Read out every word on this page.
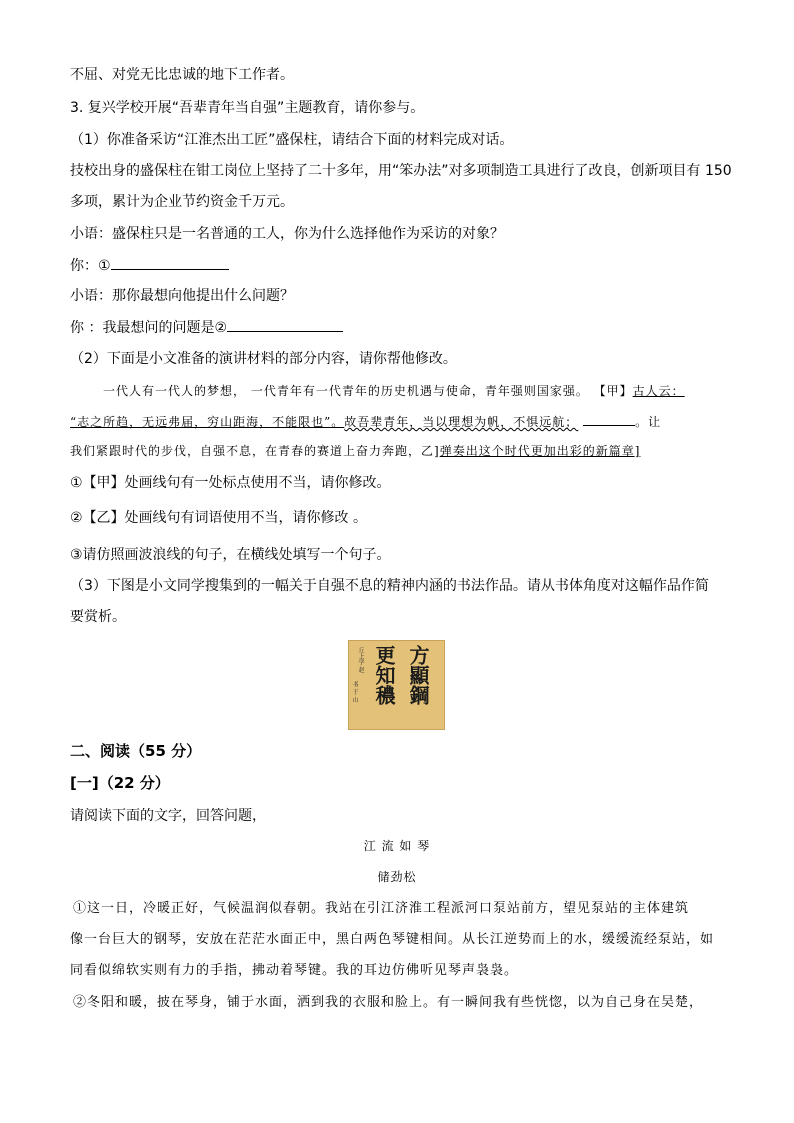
不屈、对党无比忠诚的地下工作者。
3. 复兴学校开展“吾辈青年当自强”主题教育，请你参与。
（1）你准备采访“江淮杰出工匠”盛保柱，请结合下面的材料完成对话。
技校出身的盛保柱在钳工岗位上坚持了二十多年，用“笨办法”对多项制造工具进行了改良，创新项目有 150
多项，累计为企业节约资金千万元。
小语：盛保柱只是一名普通的工人，你为什么选择他作为采访的对象？
你：①
小语：那你最想向他提出什么问题？
你 ：我最想问的问题是②
（2）下面是小文准备的演讲材料的部分内容，请你帮他修改。
一代人有一代人的梦想， 一代青年有一代青年的历史机遇与使命，青年强则国家强。 【甲】古人云：
“志之所趋，无远弗届，穷山距海，不能限也”。故吾辈青年，当以理想为帆，不惧远航；	。让
我们紧跟时代的步伐，自强不息，在青春的赛道上奋力奔跑，乙]弹奏出这个时代更加出彩的新篇章]
①【甲】处画线句有一处标点使用不当，请你修改。
②【乙】处画线句有词语使用不当，请你修改 。
③请仿照画波浪线的句子，在横线处填写一个句子。
（3）下图是小文同学搜集到的一幅关于自强不息的精神内涵的书法作品。请从书体角度对这幅作品作简
要赏析。
方顯鋼
更知穠
丘上学 赵
书 于 山
二、阅读（55 分）
[一]（22 分）
请阅读下面的文字，回答问题，
江 流 如 琴
储劲松
①这一日，冷暖正好，气候温润似春朝。我站在引江济淮工程派河口泵站前方，望见泵站的主体建筑
像一台巨大的钢琴，安放在茫茫水面正中，黑白两色琴键相间。从长江逆势而上的水，缓缓流经泵站，如
同看似绵软实则有力的手指，拂动着琴键。我的耳边仿佛听见琴声袅袅。
②冬阳和暖，披在琴身，铺于水面，洒到我的衣服和脸上。有一瞬间我有些恍惚，以为自己身在吴楚，
